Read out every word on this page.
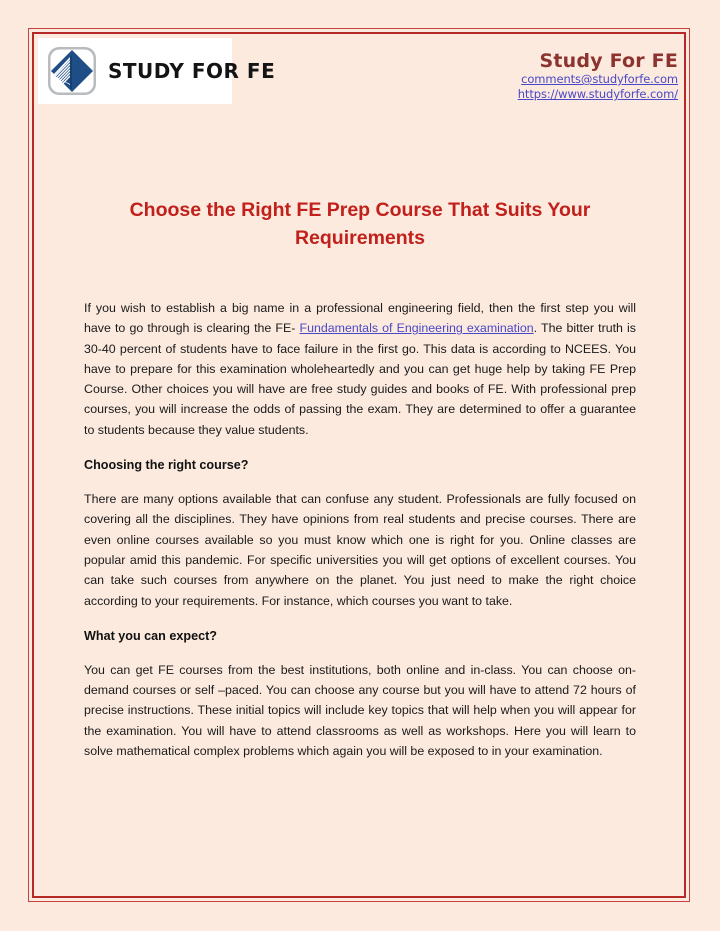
STUDY FOR FE	Study For FE
comments@studyforfe.com
https://www.studyforfe.com/
Choose the Right FE Prep Course That Suits Your Requirements

If you wish to establish a big name in a professional engineering field, then the first step you will have to go through is clearing the FE- Fundamentals of Engineering examination. The bitter truth is 30-40 percent of students have to face failure in the first go. This data is according to NCEES. You have to prepare for this examination wholeheartedly and you can get huge help by taking FE Prep Course. Other choices you will have are free study guides and books of FE. With professional prep courses, you will increase the odds of passing the exam. They are determined to offer a guarantee to students because they value students.

Choosing the right course?

There are many options available that can confuse any student. Professionals are fully focused on covering all the disciplines. They have opinions from real students and precise courses. There are even online courses available so you must know which one is right for you. Online classes are popular amid this pandemic. For specific universities you will get options of excellent courses. You can take such courses from anywhere on the planet. You just need to make the right choice according to your requirements. For instance, which courses you want to take.

What you can expect?

You can get FE courses from the best institutions, both online and in-class. You can choose on-demand courses or self –paced. You can choose any course but you will have to attend 72 hours of precise instructions. These initial topics will include key topics that will help when you will appear for the examination. You will have to attend classrooms as well as workshops. Here you will learn to solve mathematical complex problems which again you will be exposed to in your examination.
